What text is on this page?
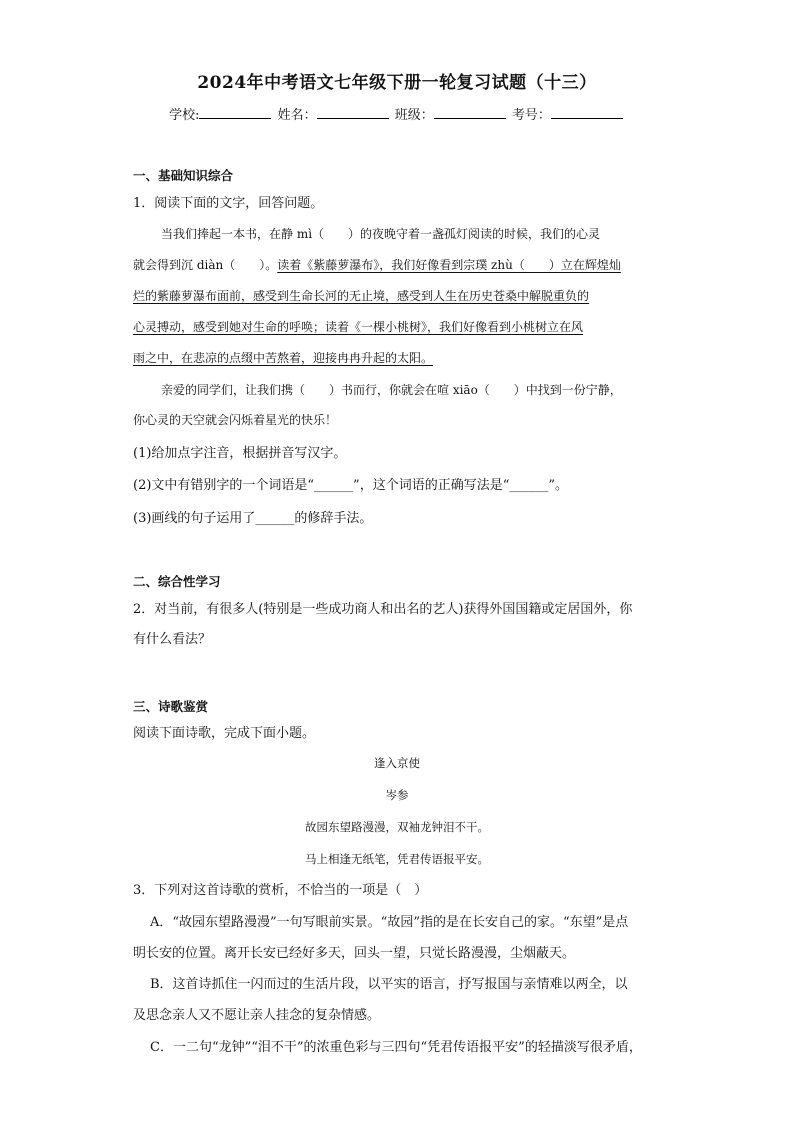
2024年中考语文七年级下册一轮复习试题（十三）
学校:	姓名：	班级：	考号：
一、基础知识综合
1．阅读下面的文字，回答问题。
当我们捧起一本书，在静 mì（　　）的夜晚守着一盏孤灯阅读的时候，我们的心灵
就会得到沉 diàn（　　）。读着《紫藤萝瀑布》，我们好像看到宗璞 zhù（　　）立在辉煌灿
烂的紫藤萝瀑布面前，感受到生命长河的无止境，感受到人生在历史苍桑中解脱重负的
心灵搏动，感受到她对生命的呼唤；读着《一棵小桃树》，我们好像看到小桃树立在风
雨之中，在悲凉的点缀中苦熬着，迎接冉冉升起的太阳。
亲爱的同学们，让我们携（　　）书而行，你就会在喧 xiāo（　　）中找到一份宁静，
你心灵的天空就会闪烁着星光的快乐！
(1)给加点字注音，根据拼音写汉字。
(2)文中有错别字的一个词语是“______”，这个词语的正确写法是“______”。
(3)画线的句子运用了______的修辞手法。
二、综合性学习
2．对当前，有很多人(特别是一些成功商人和出名的艺人)获得外国国籍或定居国外，你
有什么看法？
三、诗歌鉴赏
阅读下面诗歌，完成下面小题。
逢入京使
岑参
故园东望路漫漫，双袖龙钟泪不干。
马上相逢无纸笔，凭君传语报平安。
3．下列对这首诗歌的赏析，不恰当的一项是（　）
A．“故园东望路漫漫”一句写眼前实景。“故园”指的是在长安自己的家。“东望”是点
明长安的位置。离开长安已经好多天，回头一望，只觉长路漫漫，尘烟蔽天。
B．这首诗抓住一闪而过的生活片段，以平实的语言，抒写报国与亲情难以两全，以
及思念亲人又不愿让亲人挂念的复杂情感。
C．一二句“龙钟”“泪不干”的浓重色彩与三四句“凭君传语报平安”的轻描淡写很矛盾，
